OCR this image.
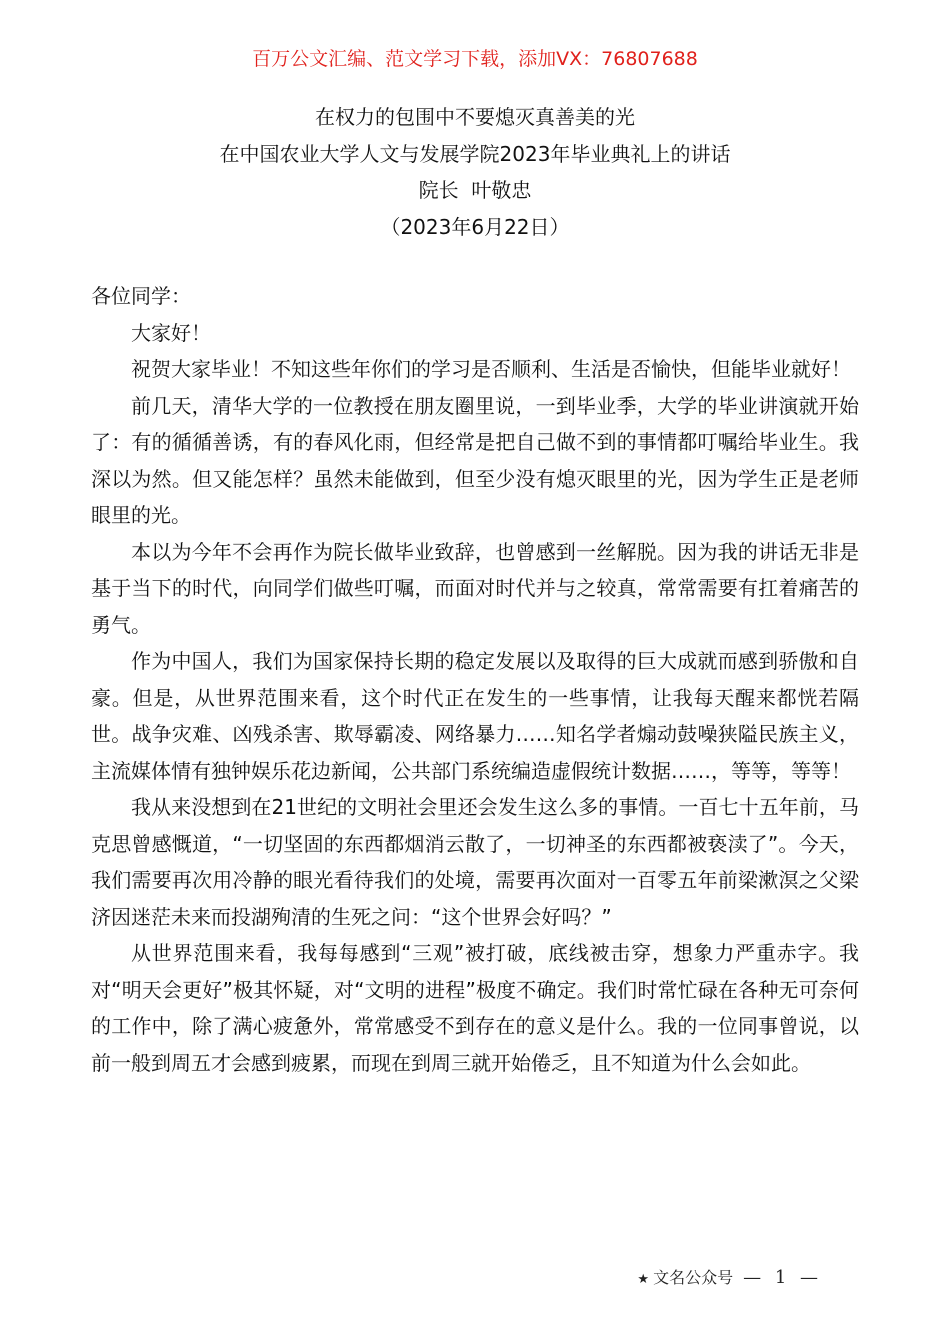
百万公文汇编、范文学习下载，添加VX：76807688
在权力的包围中不要熄灭真善美的光
在中国农业大学人文与发展学院2023年毕业典礼上的讲话
院长  叶敬忠
（2023年6月22日）

各位同学：

大家好！

祝贺大家毕业！不知这些年你们的学习是否顺利、生活是否愉快，但能毕业就好！

前几天，清华大学的一位教授在朋友圈里说，一到毕业季，大学的毕业讲演就开始了：有的循循善诱，有的春风化雨，但经常是把自己做不到的事情都叮嘱给毕业生。我深以为然。但又能怎样？虽然未能做到，但至少没有熄灭眼里的光，因为学生正是老师眼里的光。

本以为今年不会再作为院长做毕业致辞，也曾感到一丝解脱。因为我的讲话无非是基于当下的时代，向同学们做些叮嘱，而面对时代并与之较真，常常需要有扛着痛苦的勇气。

作为中国人，我们为国家保持长期的稳定发展以及取得的巨大成就而感到骄傲和自豪。但是，从世界范围来看，这个时代正在发生的一些事情，让我每天醒来都恍若隔世。战争灾难、凶残杀害、欺辱霸凌、网络暴力……知名学者煽动鼓噪狭隘民族主义，主流媒体情有独钟娱乐花边新闻，公共部门系统编造虚假统计数据……，等等，等等！

我从来没想到在21世纪的文明社会里还会发生这么多的事情。一百七十五年前，马克思曾感慨道，“一切坚固的东西都烟消云散了，一切神圣的东西都被亵渎了”。今天，我们需要再次用冷静的眼光看待我们的处境，需要再次面对一百零五年前梁漱溟之父梁济因迷茫未来而投湖殉清的生死之问：“这个世界会好吗？”

从世界范围来看，我每每感到“三观”被打破，底线被击穿，想象力严重赤字。我对“明天会更好”极其怀疑，对“文明的进程”极度不确定。我们时常忙碌在各种无可奈何的工作中，除了满心疲惫外，常常感受不到存在的意义是什么。我的一位同事曾说，以前一般到周五才会感到疲累，而现在到周三就开始倦乏，且不知道为什么会如此。

★ 文名公众号 — 1 —
